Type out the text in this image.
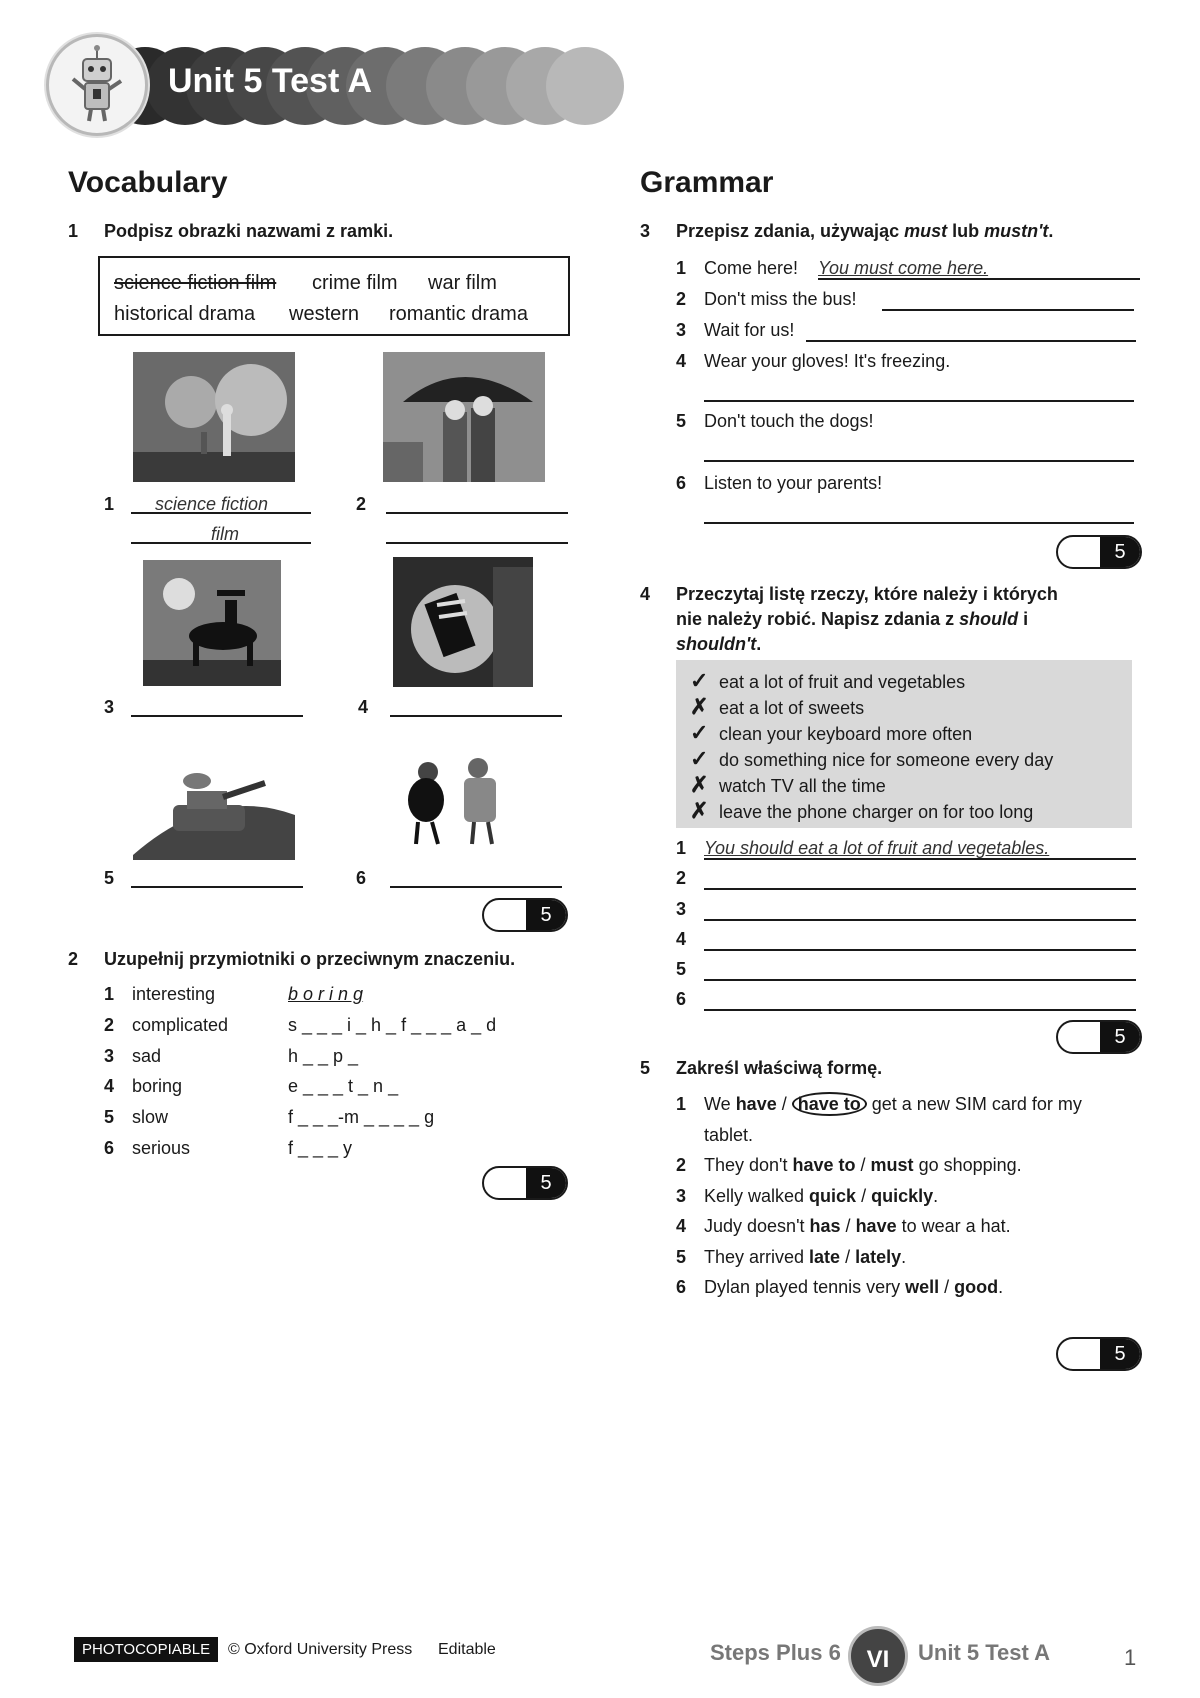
Unit 5 Test A
Vocabulary
1 Podpisz obrazki nazwami z ramki.
science fiction film crime film war film
historical drama western romantic drama
1 science fiction
film
2
3	4
5	6
5
2 Uzupełnij przymiotniki o przeciwnym znaczeniu.
1 interesting	b o r i n g
2 complicated	s _ _ _ i _ h _ f _ _ _ a _ d
3 sad	h _ _ p _
4 boring	e _ _ _ t _ n _
5 slow	f _ _ _-m _ _ _ _ g
6 serious	f _ _ _ y
5
Grammar
3 Przepisz zdania, używając must lub mustn't.
1 Come here! You must come here.
2 Don't miss the bus!
3 Wait for us!
4 Wear your gloves! It's freezing.
5 Don't touch the dogs!
6 Listen to your parents!
5
4 Przeczytaj listę rzeczy, które należy i których
nie należy robić. Napisz zdania z should i
shouldn't.
✓ eat a lot of fruit and vegetables
✗ eat a lot of sweets
✓ clean your keyboard more often
✓ do something nice for someone every day
✗ watch TV all the time
✗ leave the phone charger on for too long
1 You should eat a lot of fruit and vegetables.
2
3
4
5
6
5
5 Zakreśl właściwą formę.
1 We have / have to get a new SIM card for my
tablet.
2 They don't have to / must go shopping.
3 Kelly walked quick / quickly.
4 Judy doesn't has / have to wear a hat.
5 They arrived late / lately.
6 Dylan played tennis very well / good.
5
PHOTOCOPIABLE	© Oxford University Press Editable	Steps Plus 6	VI	Unit 5 Test A	1
